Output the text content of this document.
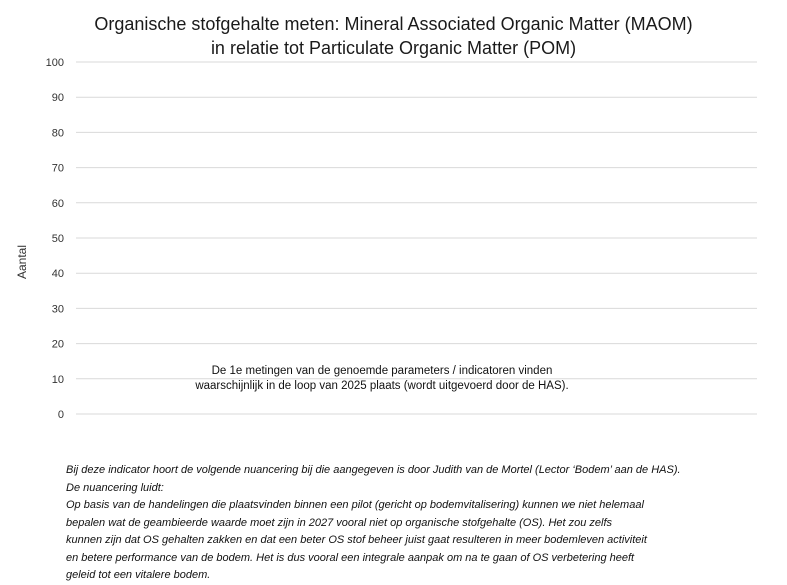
Organische stofgehalte meten: Mineral Associated Organic Matter (MAOM)
in relatie tot Particulate Organic Matter (POM)
0
10
20
30
40
50
60
70
80
90
100
Aantal
De 1e metingen van de genoemde parameters / indicatoren vinden
waarschijnlijk in de loop van 2025 plaats (wordt uitgevoerd door de HAS).
Bij deze indicator hoort de volgende nuancering bij die aangegeven is door Judith van de Mortel (Lector ‘Bodem’ aan de HAS).
De nuancering luidt:
Op basis van de handelingen die plaatsvinden binnen een pilot (gericht op bodemvitalisering) kunnen we niet helemaal
bepalen wat de geambieerde waarde moet zijn in 2027 vooral niet op organische stofgehalte (OS). Het zou zelfs
kunnen zijn dat OS gehalten zakken en dat een beter OS stof beheer juist gaat resulteren in meer bodemleven activiteit
en betere performance van de bodem. Het is dus vooral een integrale aanpak om na te gaan of OS verbetering heeft
geleid tot een vitalere bodem.
